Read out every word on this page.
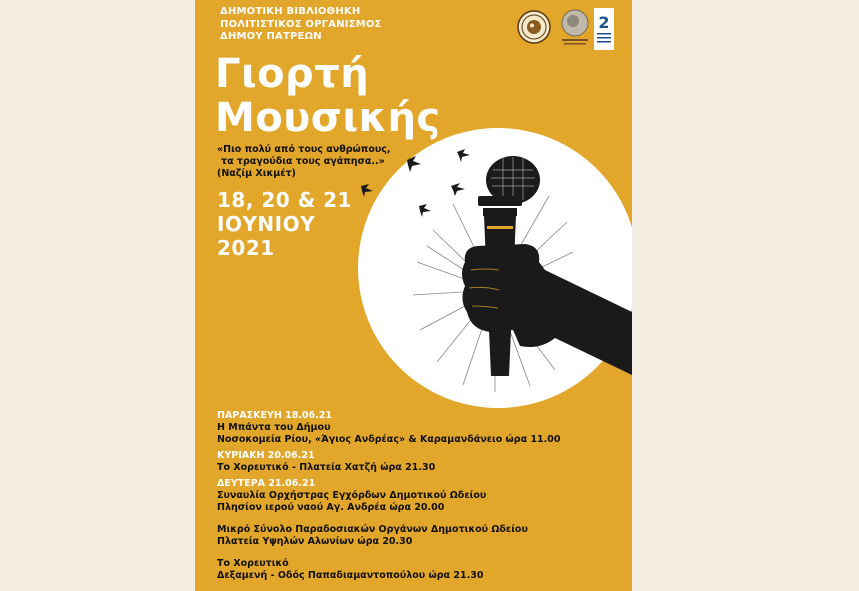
ΔΗΜΟΤΙΚΗ ΒΙΒΛΙΟΘΗΚΗ
ΠΟΛΙΤΙΣΤΙΚΟΣ ΟΡΓΑΝΙΣΜΟΣ
ΔΗΜΟΥ ΠΑΤΡΕΩΝ
2
Γιορτή
Μουσικής
«Πιο πολύ από τους ανθρώπους,
τα τραγούδια τους αγάπησα..»
(Ναζίμ Χικμέτ)
18, 20 & 21
ΙΟΥΝΙΟΥ
2021
ΠΑΡΑΣΚΕΥΗ 18.06.21
Η Μπάντα του Δήμου
Νοσοκομεία Ρίου, «Άγιος Ανδρέας» & Καραμανδάνειο ώρα 11.00
ΚΥΡΙΑΚΗ 20.06.21
Το Χορευτικό - Πλατεία Χατζή ώρα 21.30
ΔΕΥΤΕΡΑ 21.06.21
Συναυλία Ορχήστρας Εγχόρδων Δημοτικού Ωδείου
Πλησίον ιερού ναού Αγ. Ανδρέα ώρα 20.00
Μικρό Σύνολο Παραδοσιακών Οργάνων Δημοτικού Ωδείου
Πλατεία Υψηλών Αλωνίων ώρα 20.30
Το Χορευτικό
Δεξαμενή - Οδός Παπαδιαμαντοπούλου ώρα 21.30
